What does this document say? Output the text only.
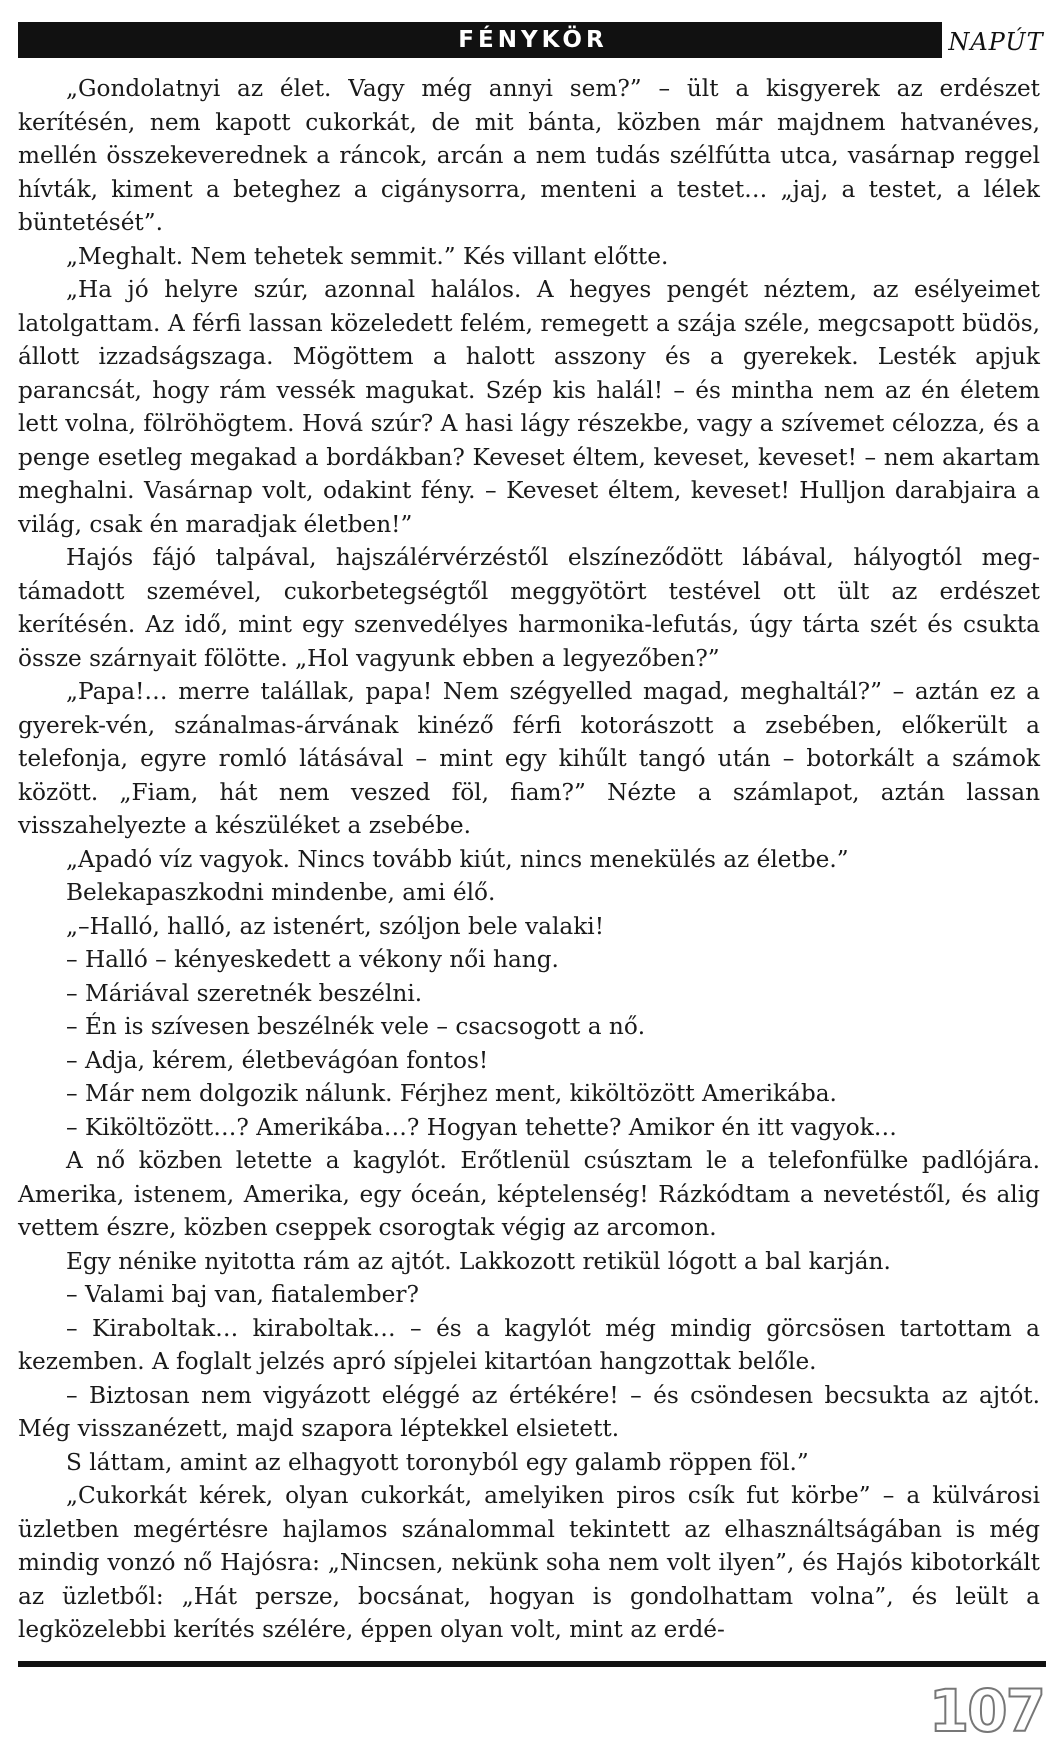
FÉNYKÖR	NAPÚT

„Gondolatnyi az élet. Vagy még annyi sem?” – ült a kisgyerek az erdészet kerítésén, nem kapott cukorkát, de mit bánta, közben már majdnem hatvanéves, mellén összekeverednek a ráncok, arcán a nem tudás szélfútta utca, vasárnap reggel hívták, kiment a beteghez a cigánysorra, menteni a testet… „jaj, a testet, a lélek büntetését”.

„Meghalt. Nem tehetek semmit.” Kés villant előtte.

„Ha jó helyre szúr, azonnal halálos. A hegyes pengét néztem, az esélyeimet latolgattam. A férfi lassan közeledett felém, remegett a szája széle, megcsapott büdös, állott izzadságszaga. Mögöttem a halott asszony és a gyerekek. Lesték apjuk parancsát, hogy rám vessék magukat. Szép kis halál! – és mintha nem az én életem lett volna, fölröhögtem. Hová szúr? A hasi lágy részekbe, vagy a szívemet célozza, és a penge esetleg megakad a bordákban? Keveset éltem, keveset, keveset! – nem akartam meghalni. Vasárnap volt, odakint fény. – Keveset éltem, keveset! Hulljon darabjaira a világ, csak én maradjak életben!”

Hajós fájó talpával, hajszálérvérzéstől elszíneződött lábával, hályogtól megtámadott szemével, cukorbetegségtől meggyötört testével ott ült az erdészet kerítésén. Az idő, mint egy szenvedélyes harmonika-lefutás, úgy tárta szét és csukta össze szárnyait fölötte. „Hol vagyunk ebben a legyezőben?”

„Papa!… merre talállak, papa! Nem szégyelled magad, meghaltál?” – aztán ez a gyerek-vén, szánalmas-árvának kinéző férfi kotorászott a zsebében, előkerült a telefonja, egyre romló látásával – mint egy kihűlt tangó után – botorkált a számok között. „Fiam, hát nem veszed föl, fiam?” Nézte a számlapot, aztán lassan visszahelyezte a készüléket a zsebébe.

„Apadó víz vagyok. Nincs tovább kiút, nincs menekülés az életbe.”

Belekapaszkodni mindenbe, ami élő.

„–Halló, halló, az istenért, szóljon bele valaki!

– Halló – kényeskedett a vékony női hang.

– Máriával szeretnék beszélni.

– Én is szívesen beszélnék vele – csacsogott a nő.

– Adja, kérem, életbevágóan fontos!

– Már nem dolgozik nálunk. Férjhez ment, kiköltözött Amerikába.

– Kiköltözött…? Amerikába…? Hogyan tehette? Amikor én itt vagyok…

A nő közben letette a kagylót. Erőtlenül csúsztam le a telefonfülke padlójára. Amerika, istenem, Amerika, egy óceán, képtelenség! Rázkódtam a nevetéstől, és alig vettem észre, közben cseppek csorogtak végig az arcomon.

Egy nénike nyitotta rám az ajtót. Lakkozott retikül lógott a bal karján.

– Valami baj van, fiatalember?

– Kiraboltak… kiraboltak… – és a kagylót még mindig görcsösen tartottam a kezemben. A foglalt jelzés apró sípjelei kitartóan hangzottak belőle.

– Biztosan nem vigyázott eléggé az értékére! – és csöndesen becsukta az ajtót. Még visszanézett, majd szapora léptekkel elsietett.

S láttam, amint az elhagyott toronyból egy galamb röppen föl.”

„Cukorkát kérek, olyan cukorkát, amelyiken piros csík fut körbe” – a külvárosi üzletben megértésre hajlamos szánalommal tekintett az elhasználtságában is még mindig vonzó nő Hajósra: „Nincsen, nekünk soha nem volt ilyen”, és Hajós kibotorkált az üzletből: „Hát persze, bocsánat, hogyan is gondolhattam volna”, és leült a legközelebbi kerítés szélére, éppen olyan volt, mint az erdé-

107
